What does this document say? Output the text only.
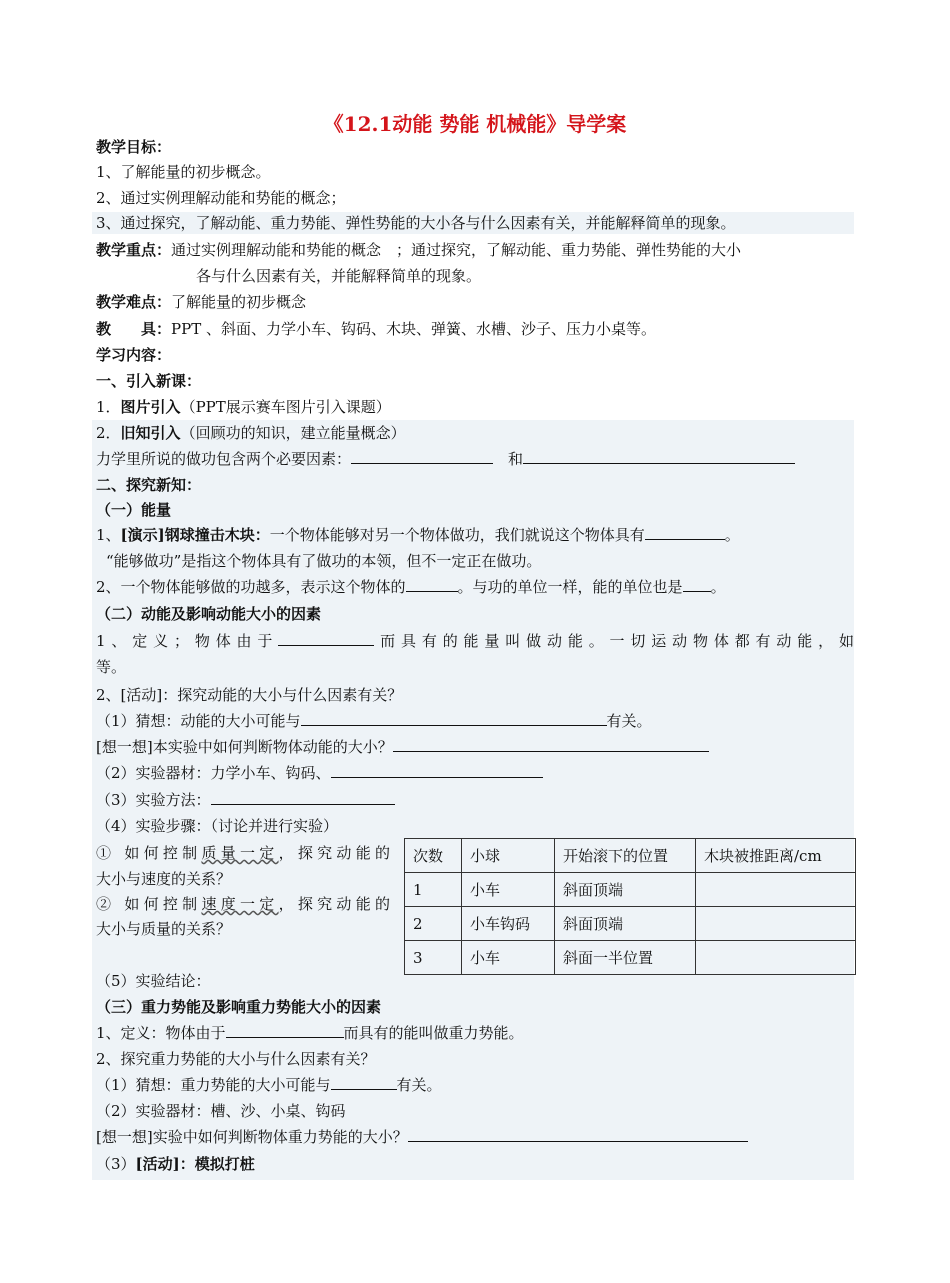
《12.1动能 势能 机械能》导学案
教学目标：
1、了解能量的初步概念。
2、通过实例理解动能和势能的概念；
3、通过探究，了解动能、重力势能、弹性势能的大小各与什么因素有关，并能解释简单的现象。
教学重点：通过实例理解动能和势能的概念　；通过探究，了解动能、重力势能、弹性势能的大小
各与什么因素有关，并能解释简单的现象。
教学难点：了解能量的初步概念
教　　具：PPT 、斜面、力学小车、钩码、木块、弹簧、水槽、沙子、压力小桌等。
学习内容：
一、引入新课：
1．图片引入（PPT展示赛车图片引入课题）
2．旧知引入（回顾功的知识，建立能量概念）
力学里所说的做功包含两个必要因素：　	和
二、探究新知：
（一）能量
1、[演示]钢球撞击木块：一个物体能够对另一个物体做功，我们就说这个物体具有	。
“能够做功”是指这个物体具有了做功的本领，但不一定正在做功。
2、一个物体能够做的功越多，表示这个物体的	。与功的单位一样，能的单位也是 。
（二）动能及影响动能大小的因素
1、定义；物体由于	而具有的能量叫做动能。一切运动物体都有动能，如
等。
2、[活动]：探究动能的大小与什么因素有关？
（1）猜想：动能的大小可能与	有关。
[想一想]本实验中如何判断物体动能的大小？
（2）实验器材：力学小车、钩码、
（3）实验方法：
（4）实验步骤：（讨论并进行实验）
① 如何控制质量一定，探究动能的
大小与速度的关系？
② 如何控制速度一定，探究动能的
大小与质量的关系？
次数	小球	开始滚下的位置	木块被推距离/cm
1	小车	斜面顶端	
2	小车钩码	斜面顶端	
3	小车	斜面一半位置	
（5）实验结论：
（三）重力势能及影响重力势能大小的因素
1、定义：物体由于	而具有的能叫做重力势能。
2、探究重力势能的大小与什么因素有关？
（1）猜想：重力势能的大小可能与	有关。
（2）实验器材：槽、沙、小桌、钩码
[想一想]实验中如何判断物体重力势能的大小？
（3）[活动]：模拟打桩
